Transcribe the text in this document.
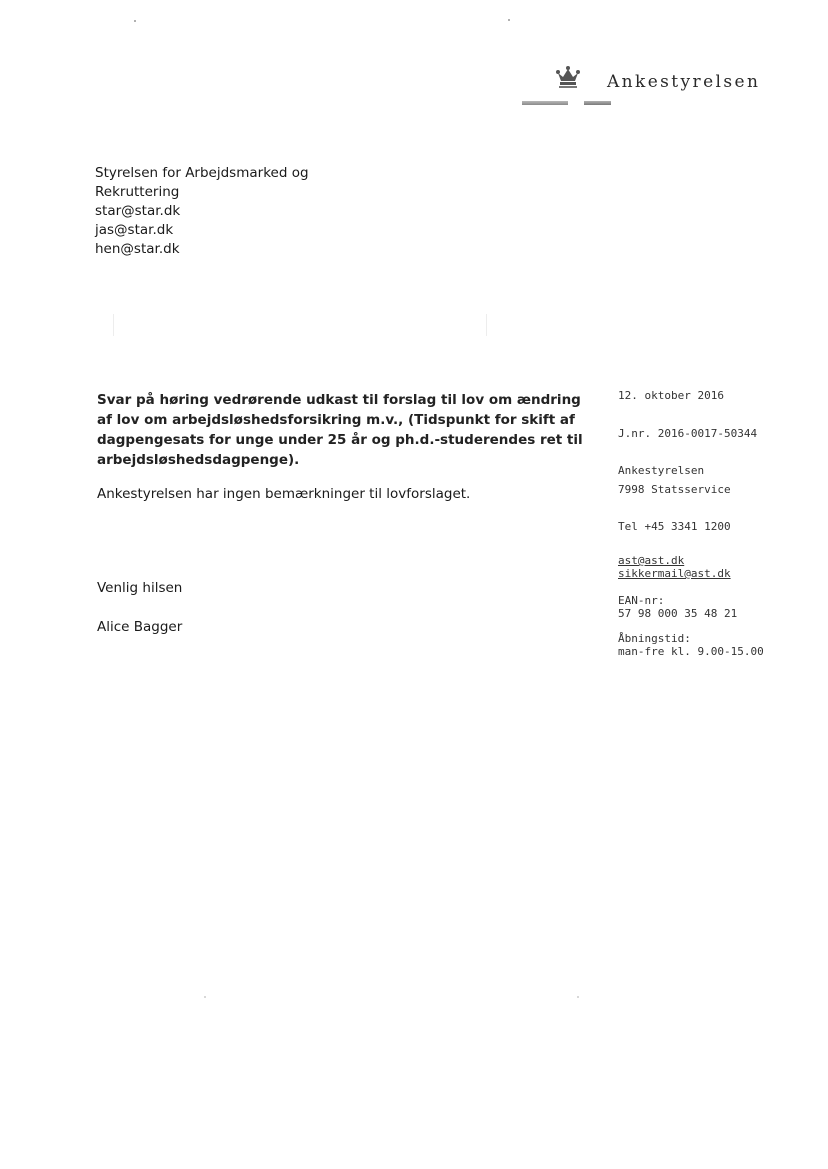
Ankestyrelsen
Styrelsen for Arbejdsmarked og
Rekruttering
star@star.dk
jas@star.dk
hen@star.dk
Svar på høring vedrørende udkast til forslag til lov om ændring af lov om arbejdsløshedsforsikring m.v., (Tidspunkt for skift af dagpengesats for unge under 25 år og ph.d.-studerendes ret til arbejdsløshedsdagpenge).
Ankestyrelsen har ingen bemærkninger til lovforslaget.
Venlig hilsen
Alice Bagger
12. oktober 2016
J.nr. 2016-0017-50344
Ankestyrelsen
7998 Statsservice
Tel +45 3341 1200
ast@ast.dk
sikkermail@ast.dk
EAN-nr:
57 98 000 35 48 21
Åbningstid:
man-fre kl. 9.00-15.00
